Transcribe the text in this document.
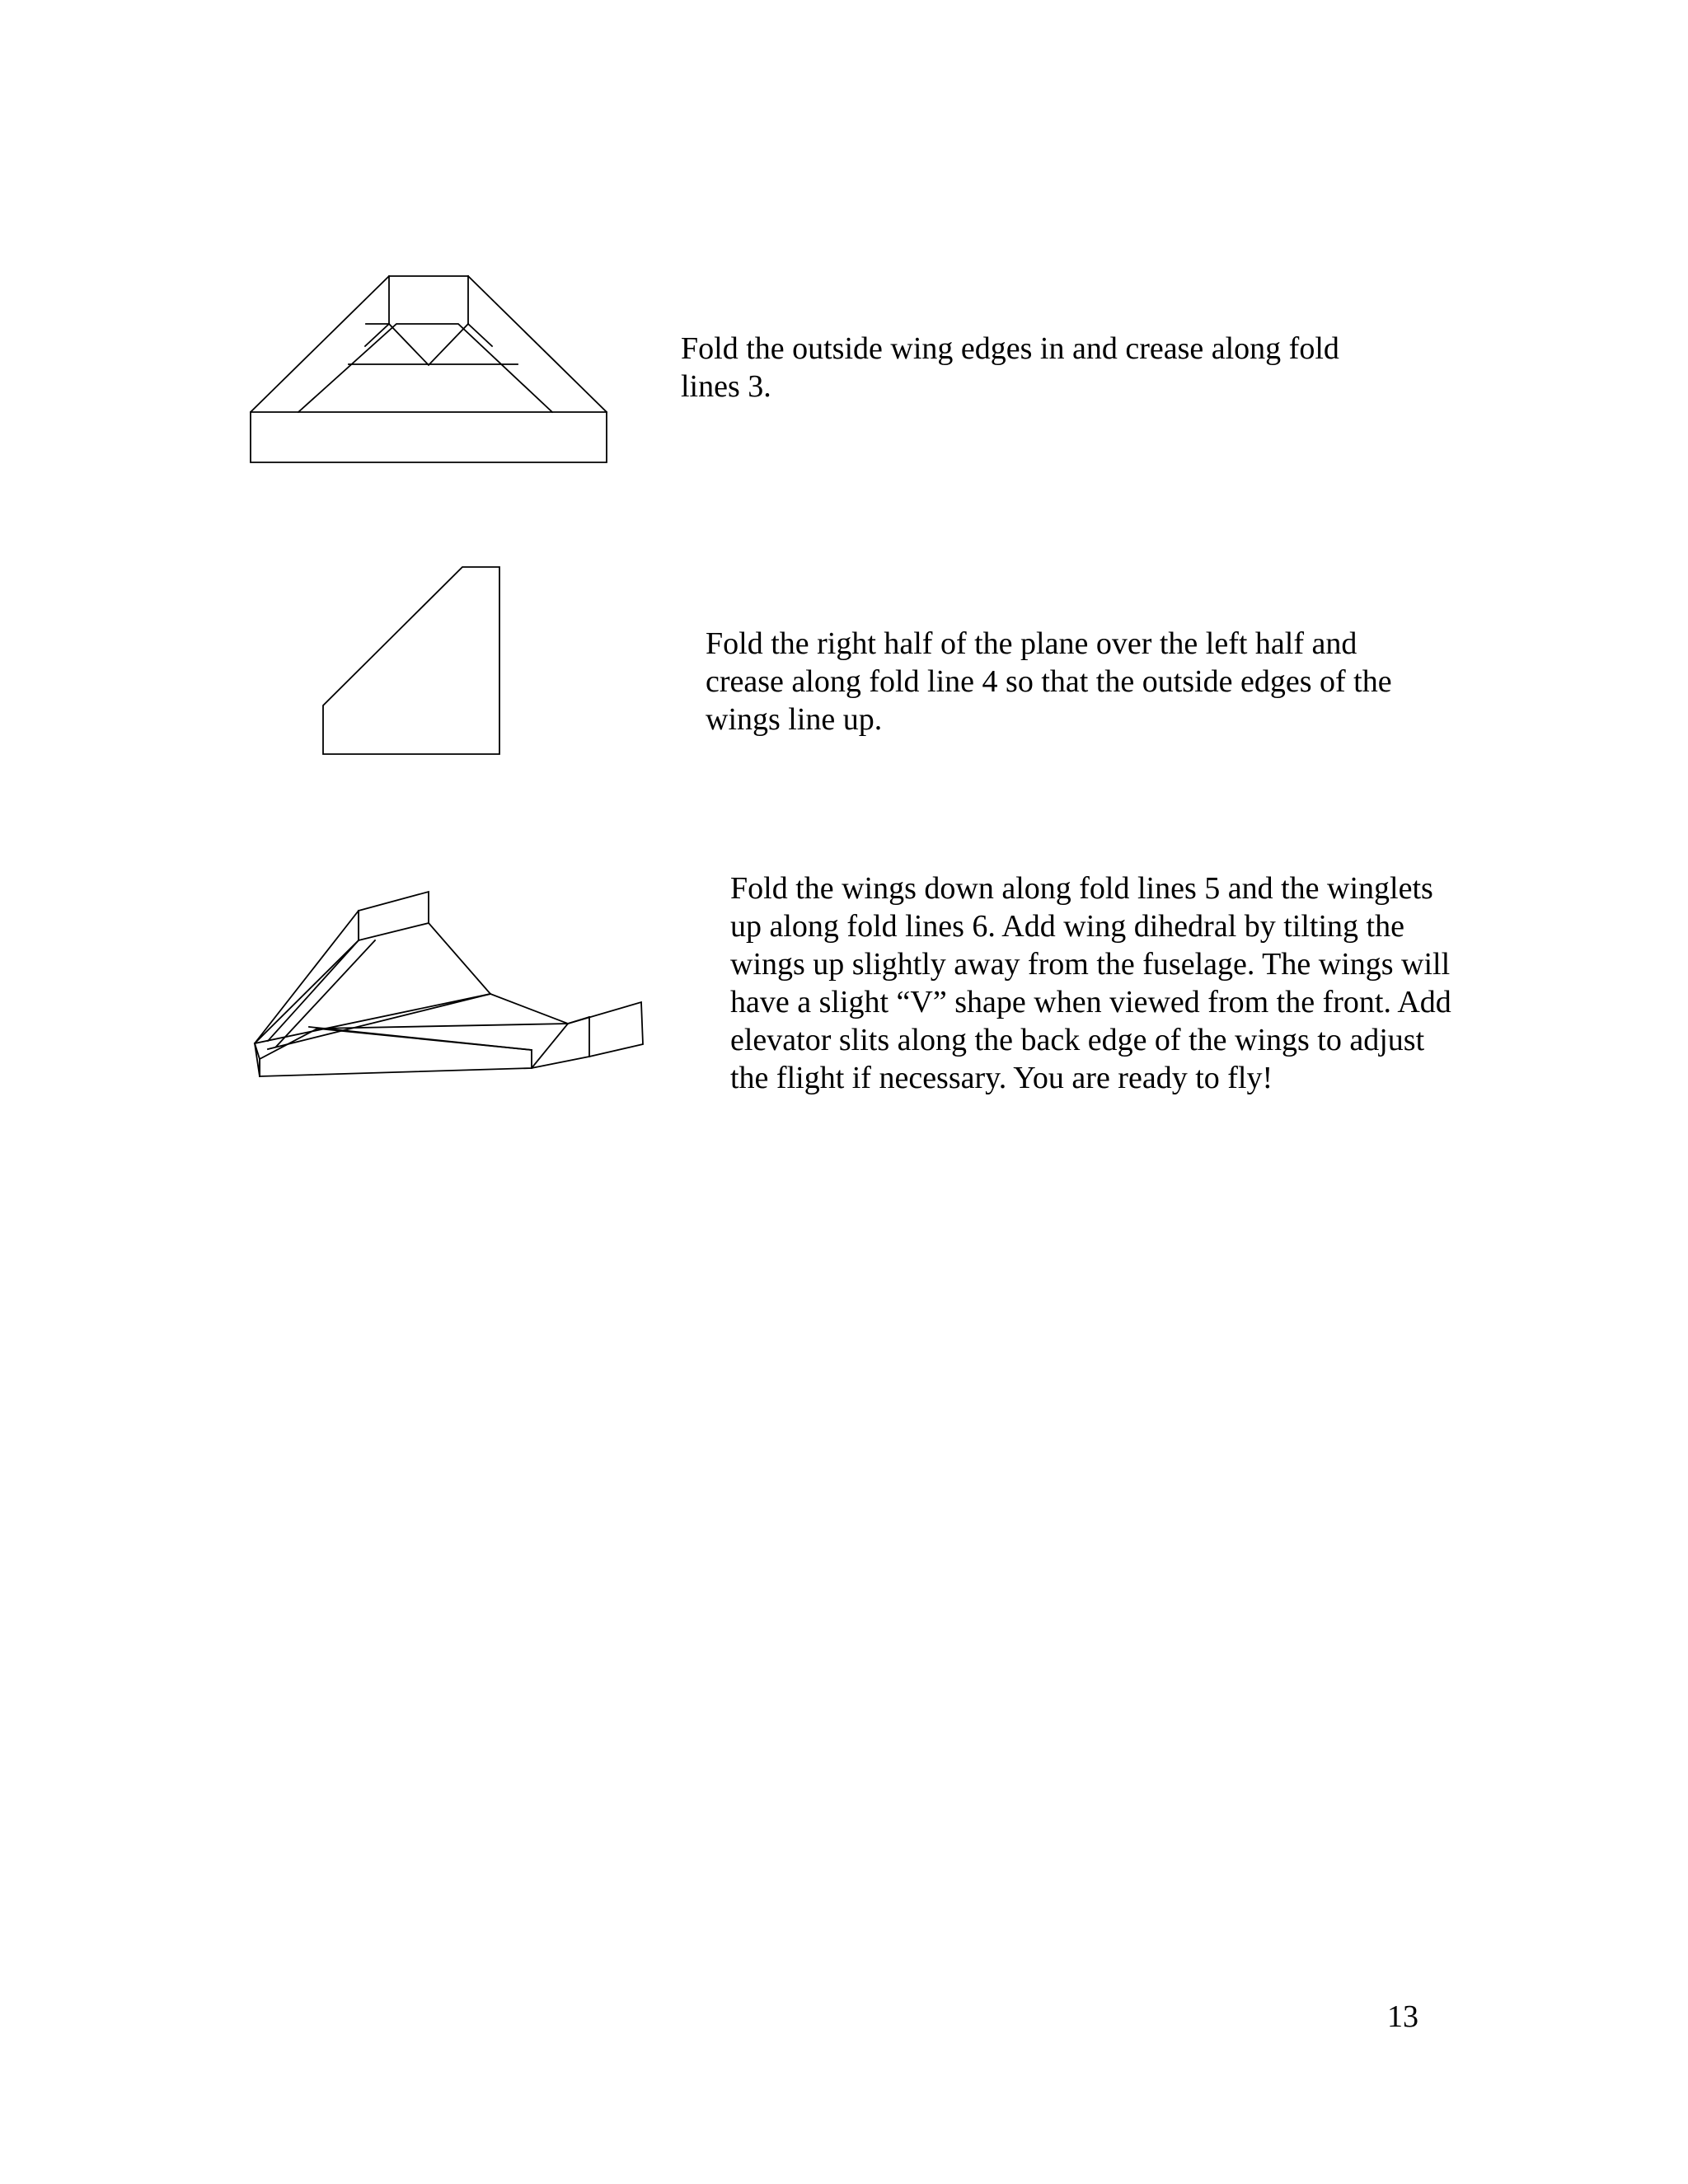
Fold the outside wing edges in and crease along fold lines 3.

Fold the right half of the plane over the left half and crease along fold line 4 so that the outside edges of the wings line up.

Fold the wings down along fold lines 5 and the winglets up along fold lines 6. Add wing dihedral by tilting the wings up slightly away from the fuselage. The wings will have a slight “V” shape when viewed from the front. Add elevator slits along the back edge of the wings to adjust the flight if necessary. You are ready to fly!

13
